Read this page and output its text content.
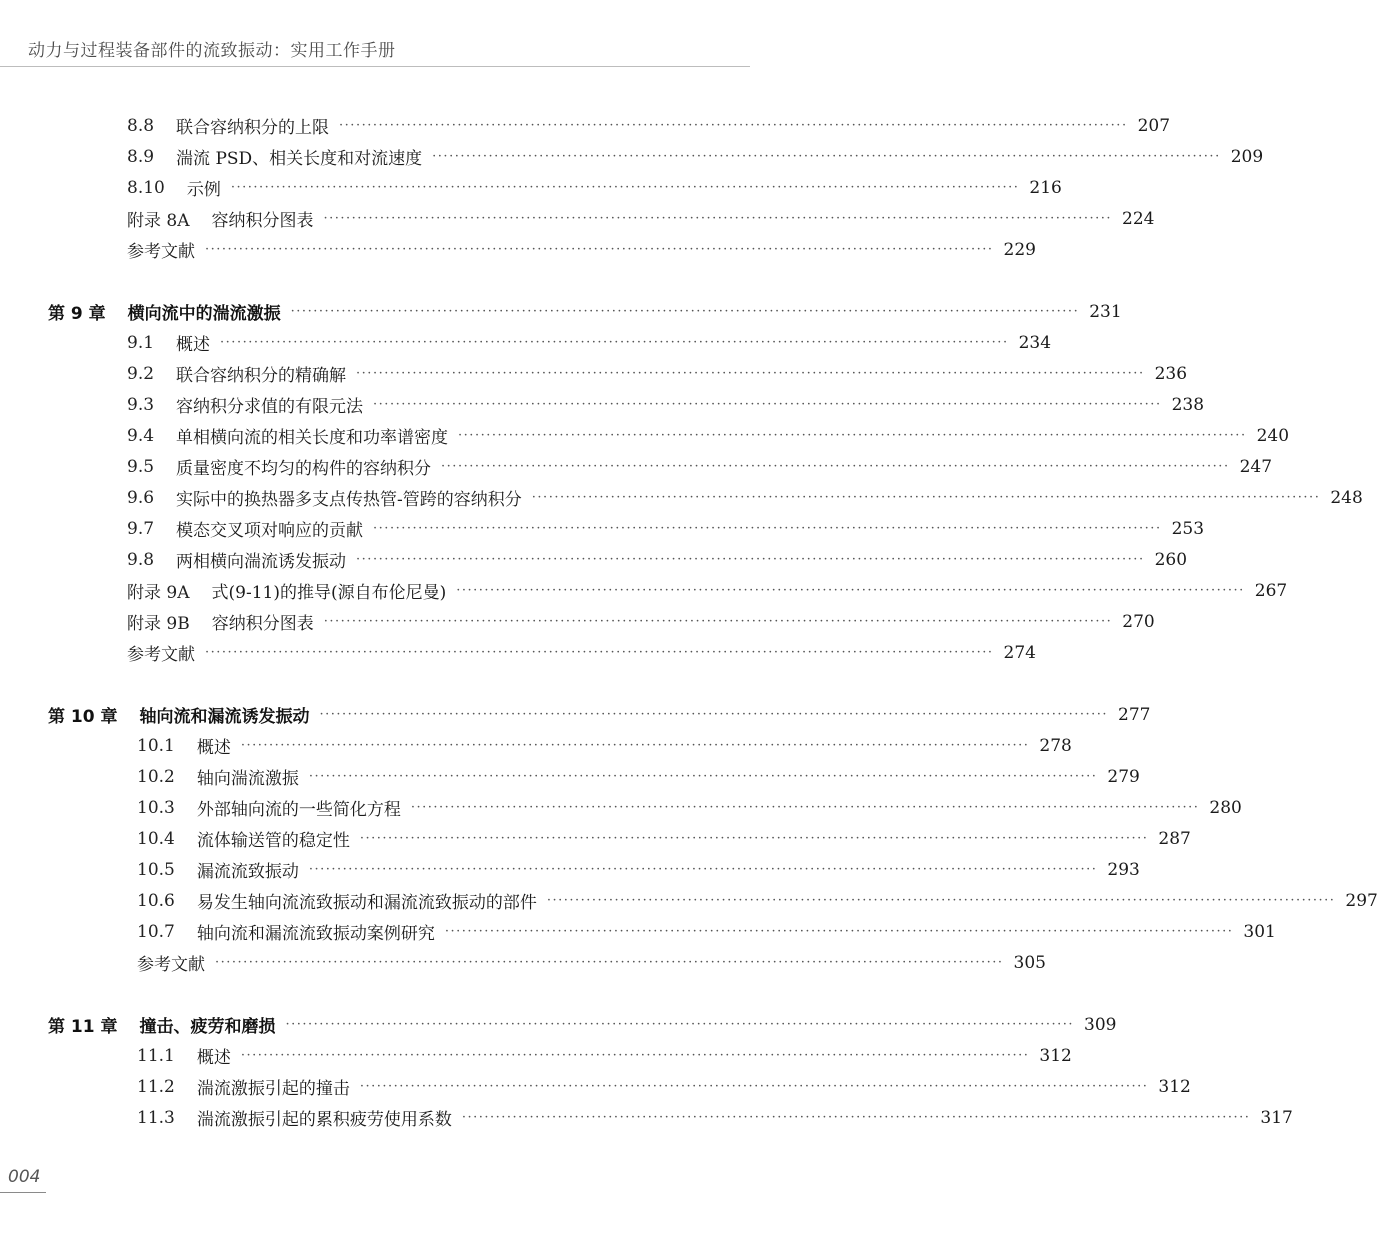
动力与过程装备部件的流致振动：实用工作手册
8.8 联合容纳积分的上限 ············································································································································ 207
8.9 湍流 PSD、相关长度和对流速度 ············································································································································ 209
8.10 示例 ············································································································································ 216
附录 8A 容纳积分图表 ············································································································································ 224
参考文献 ············································································································································ 229
第 9 章 横向流中的湍流激振 ············································································································································ 231
9.1 概述 ············································································································································ 234
9.2 联合容纳积分的精确解 ············································································································································ 236
9.3 容纳积分求值的有限元法 ············································································································································ 238
9.4 单相横向流的相关长度和功率谱密度 ············································································································································ 240
9.5 质量密度不均匀的构件的容纳积分 ············································································································································ 247
9.6 实际中的换热器多支点传热管-管跨的容纳积分 ············································································································································ 248
9.7 模态交叉项对响应的贡献 ············································································································································ 253
9.8 两相横向湍流诱发振动 ············································································································································ 260
附录 9A 式(9-11)的推导(源自布伦尼曼) ············································································································································ 267
附录 9B 容纳积分图表 ············································································································································ 270
参考文献 ············································································································································ 274
第 10 章 轴向流和漏流诱发振动 ············································································································································ 277
10.1 概述 ············································································································································ 278
10.2 轴向湍流激振 ············································································································································ 279
10.3 外部轴向流的一些简化方程 ············································································································································ 280
10.4 流体输送管的稳定性 ············································································································································ 287
10.5 漏流流致振动 ············································································································································ 293
10.6 易发生轴向流流致振动和漏流流致振动的部件 ············································································································································ 297
10.7 轴向流和漏流流致振动案例研究 ············································································································································ 301
参考文献 ············································································································································ 305
第 11 章 撞击、疲劳和磨损 ············································································································································ 309
11.1 概述 ············································································································································ 312
11.2 湍流激振引起的撞击 ············································································································································ 312
11.3 湍流激振引起的累积疲劳使用系数 ············································································································································ 317
004
